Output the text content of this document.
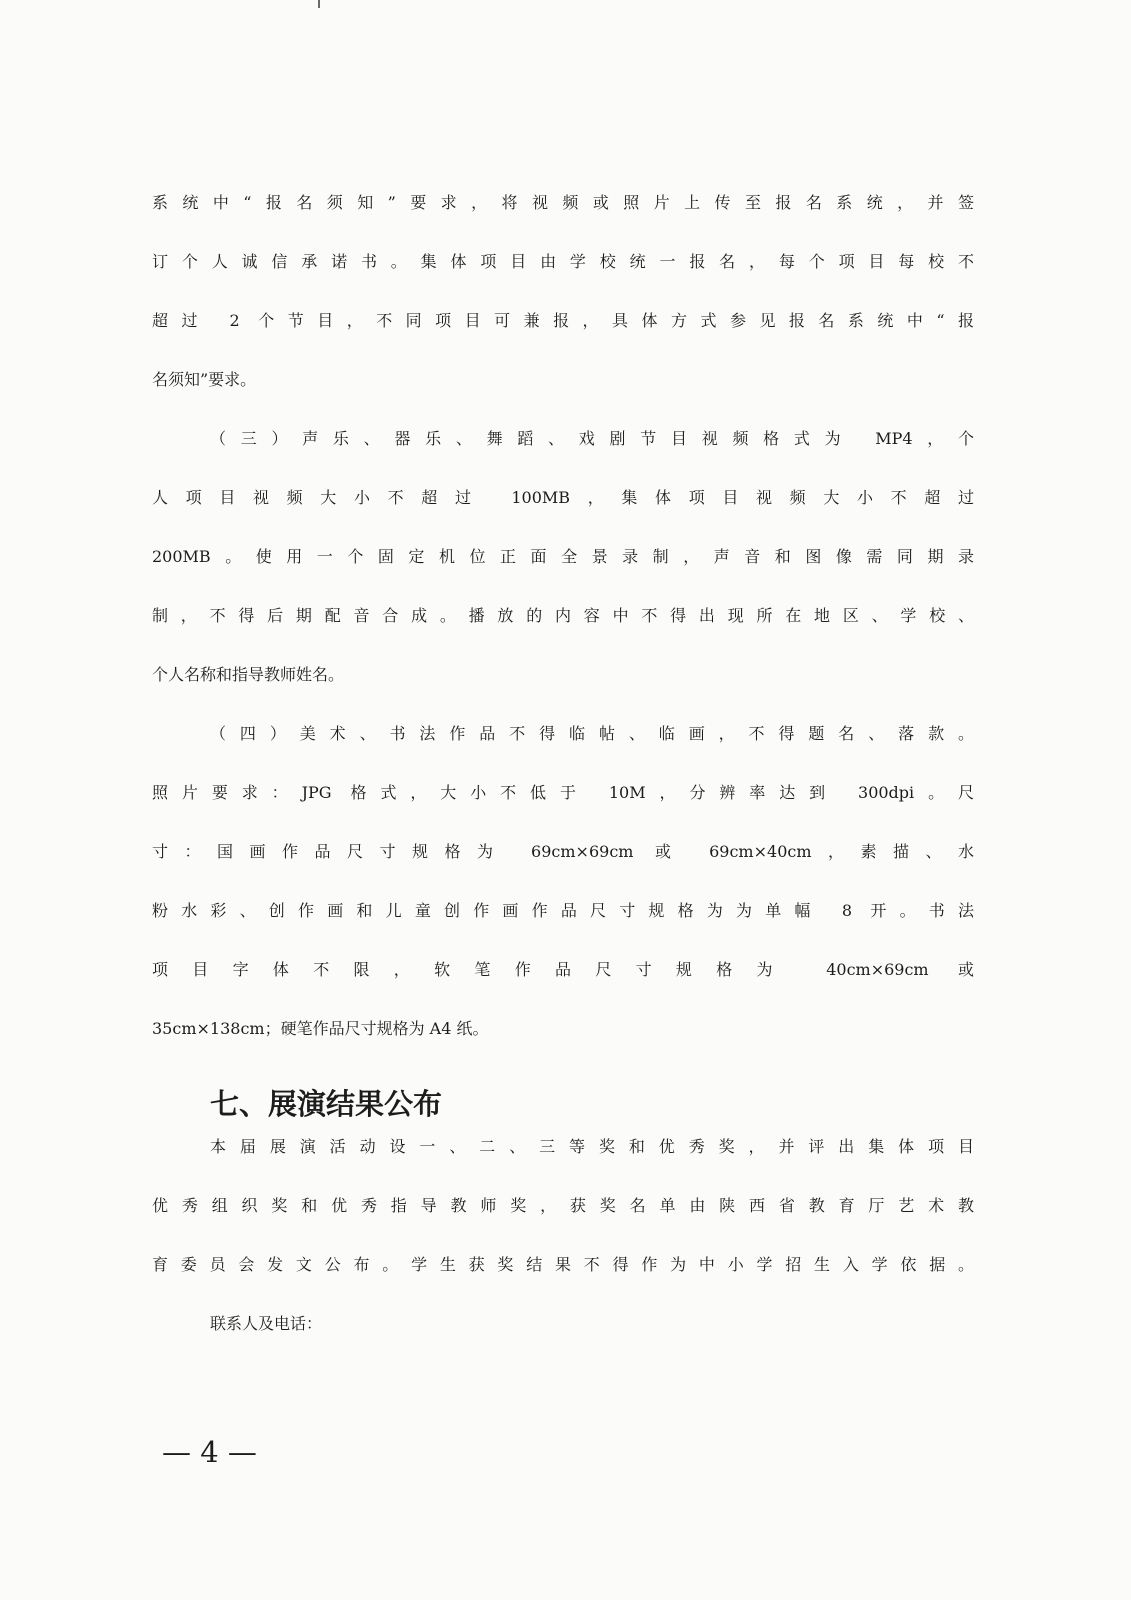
系统中“报名须知”要求，将视频或照片上传至报名系统，并签
订个人诚信承诺书。集体项目由学校统一报名，每个项目每校不
超过 2 个节目，不同项目可兼报，具体方式参见报名系统中“报
名须知”要求。
（三）声乐、器乐、舞蹈、戏剧节目视频格式为 MP4，个
人项目视频大小不超过 100MB，集体项目视频大小不超过
200MB。使用一个固定机位正面全景录制，声音和图像需同期录
制，不得后期配音合成。播放的内容中不得出现所在地区、学校、
个人名称和指导教师姓名。
（四）美术、书法作品不得临帖、临画，不得题名、落款。
照片要求：JPG 格式，大小不低于 10M，分辨率达到 300dpi。尺
寸：国画作品尺寸规格为 69cm×69cm 或 69cm×40cm，素描、水
粉水彩、创作画和儿童创作画作品尺寸规格为为单幅 8 开。书法
项目字体不限，软笔作品尺寸规格为 40cm×69cm 或
35cm×138cm；硬笔作品尺寸规格为 A4 纸。
七、展演结果公布
本届展演活动设一、二、三等奖和优秀奖，并评出集体项目
优秀组织奖和优秀指导教师奖，获奖名单由陕西省教育厅艺术教
育委员会发文公布。学生获奖结果不得作为中小学招生入学依据。
联系人及电话：
— 4 —
